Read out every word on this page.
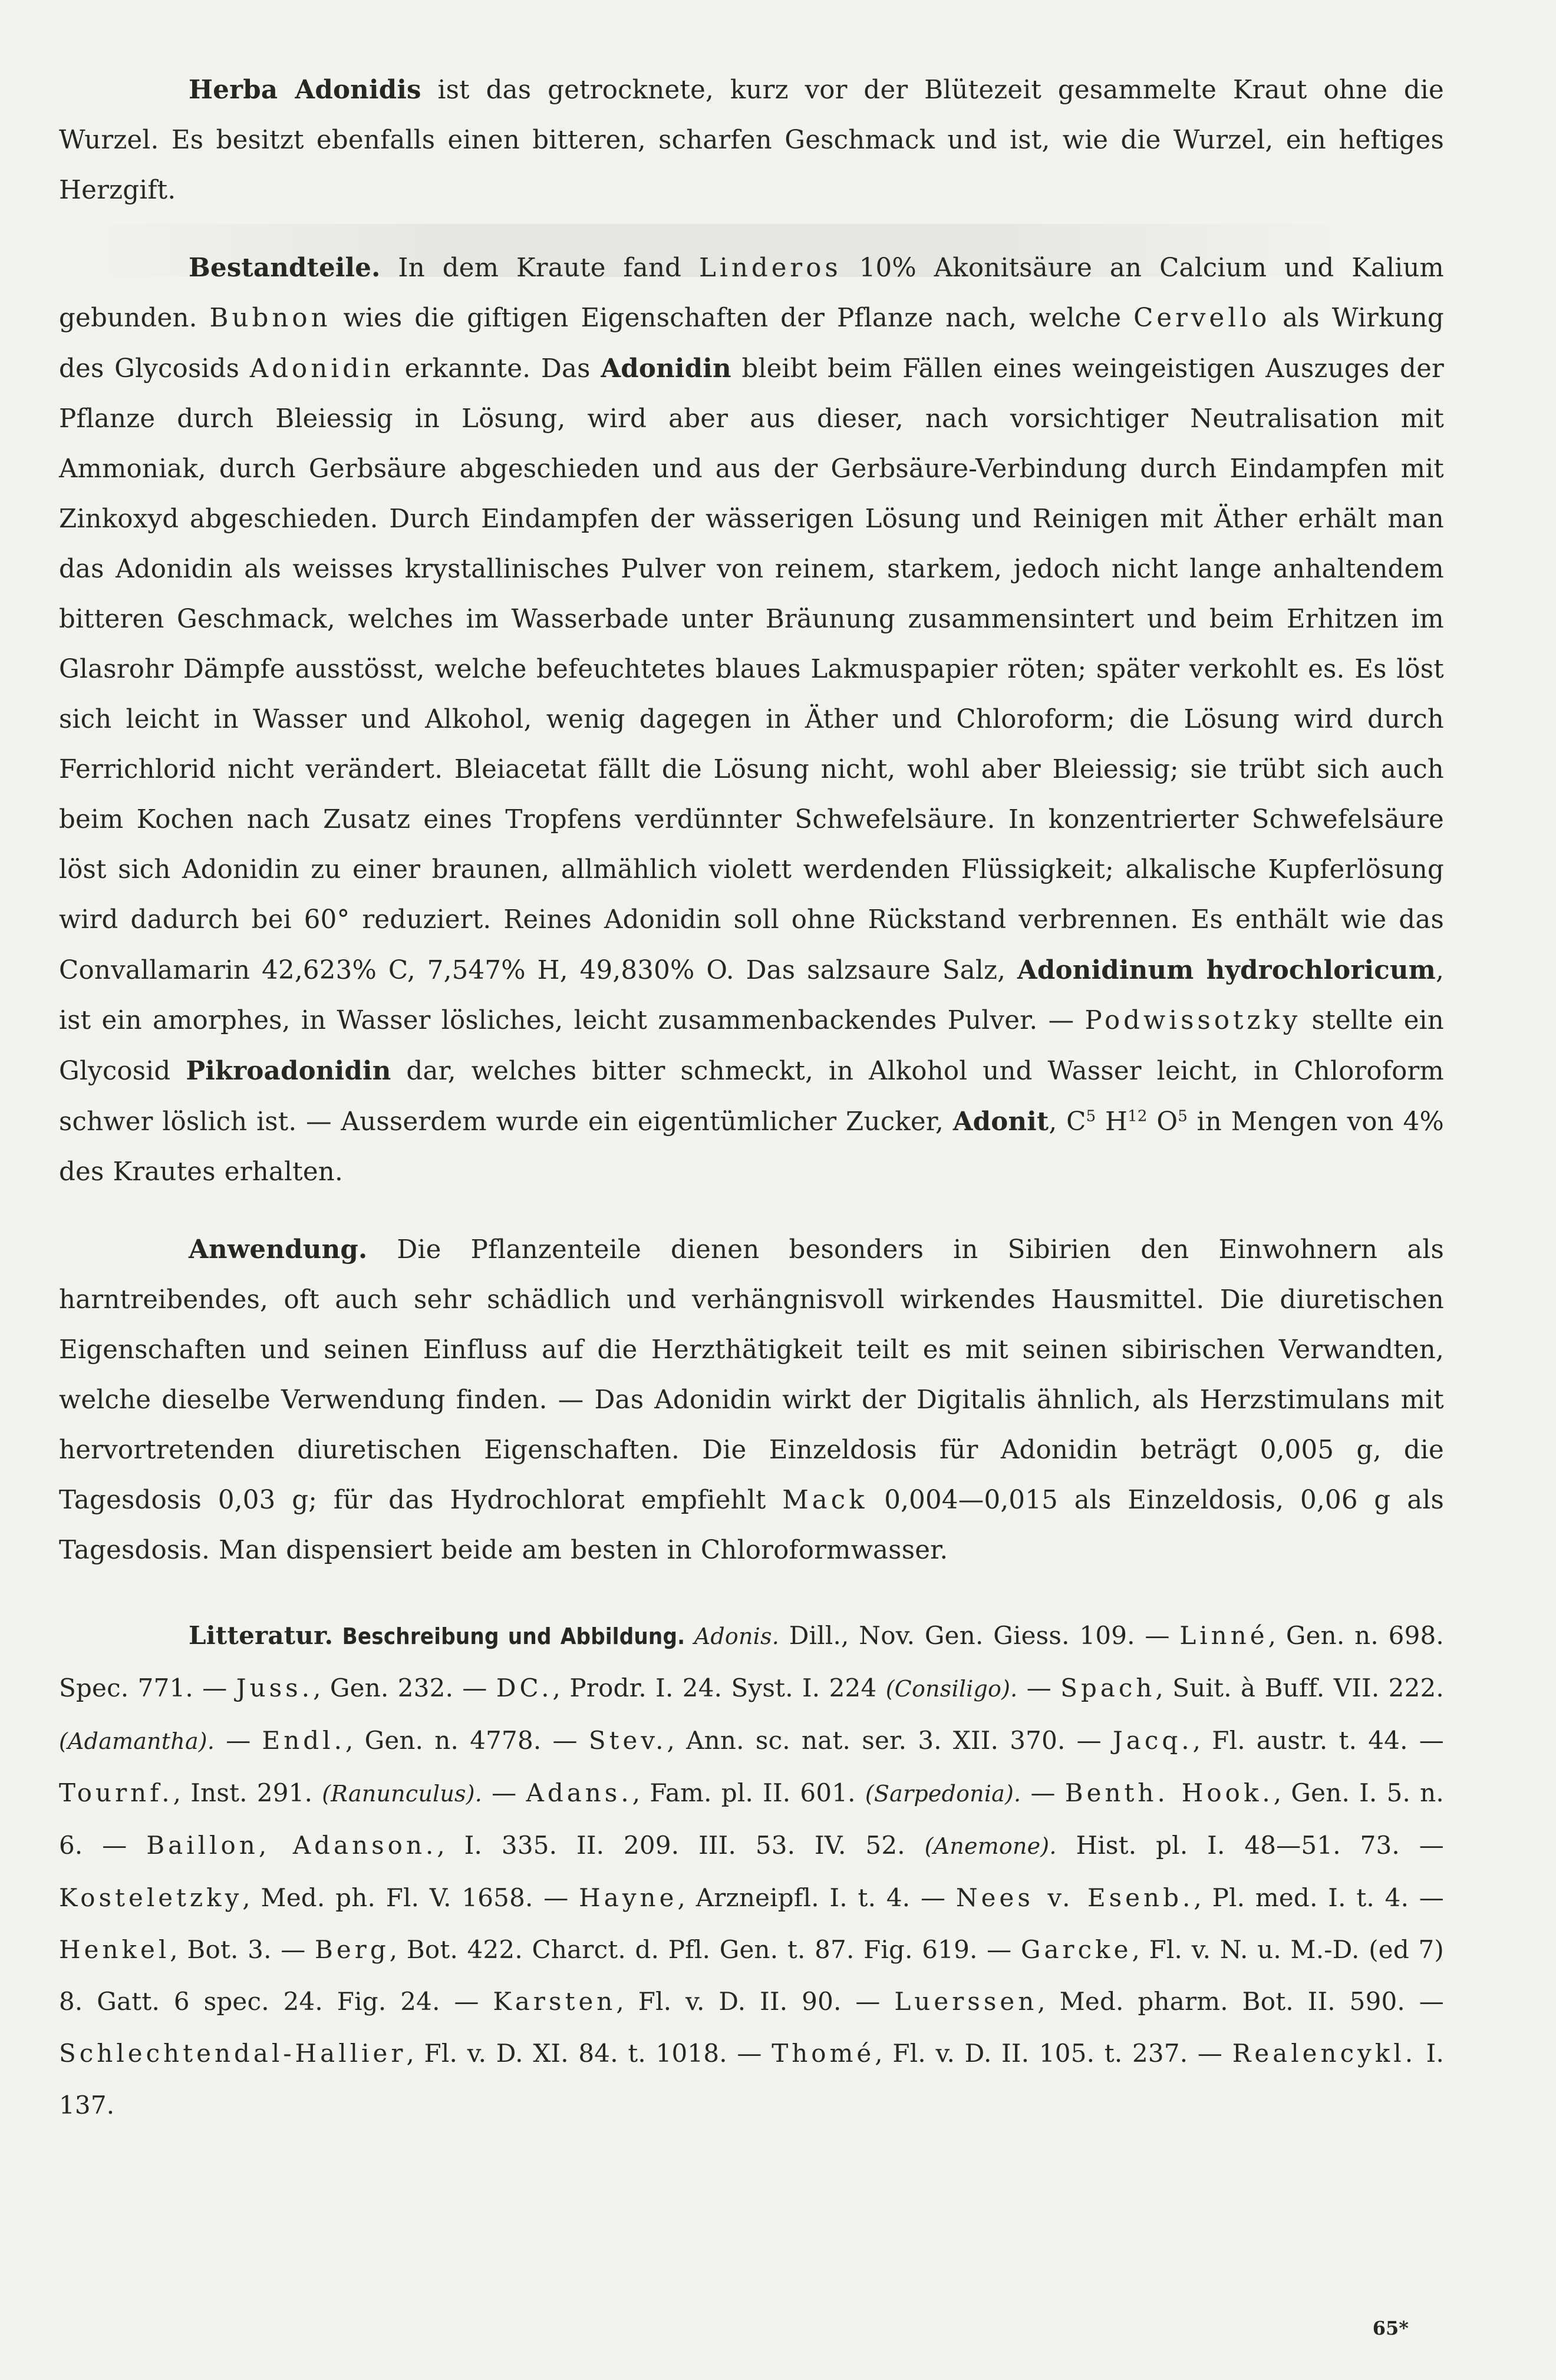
Herba Adonidis ist das getrocknete, kurz vor der Blütezeit gesammelte Kraut ohne die Wurzel. Es besitzt ebenfalls einen bitteren, scharfen Geschmack und ist, wie die Wurzel, ein heftiges Herzgift.

Bestandteile. In dem Kraute fand Linderos 10% Akonitsäure an Calcium und Kalium gebunden. Bubnon wies die giftigen Eigenschaften der Pflanze nach, welche Cervello als Wirkung des Glycosids Adonidin erkannte. Das Adonidin bleibt beim Fällen eines weingeistigen Auszuges der Pflanze durch Bleiessig in Lösung, wird aber aus dieser, nach vorsichtiger Neutralisation mit Ammoniak, durch Gerbsäure abgeschieden und aus der Gerbsäure-Verbindung durch Eindampfen mit Zinkoxyd abgeschieden. Durch Eindampfen der wässerigen Lösung und Reinigen mit Äther erhält man das Adonidin als weisses krystallinisches Pulver von reinem, starkem, jedoch nicht lange anhaltendem bitteren Geschmack, welches im Wasserbade unter Bräunung zusammensintert und beim Erhitzen im Glasrohr Dämpfe ausstösst, welche befeuchtetes blaues Lakmuspapier röten; später verkohlt es. Es löst sich leicht in Wasser und Alkohol, wenig dagegen in Äther und Chloroform; die Lösung wird durch Ferrichlorid nicht verändert. Bleiacetat fällt die Lösung nicht, wohl aber Bleiessig; sie trübt sich auch beim Kochen nach Zusatz eines Tropfens verdünnter Schwefelsäure. In konzentrierter Schwefelsäure löst sich Adonidin zu einer braunen, allmählich violett werdenden Flüssigkeit; alkalische Kupferlösung wird dadurch bei 60° reduziert. Reines Adonidin soll ohne Rückstand verbrennen. Es enthält wie das Convallamarin 42,623% C, 7,547% H, 49,830% O. Das salzsaure Salz, Adonidinum hydrochloricum, ist ein amorphes, in Wasser lösliches, leicht zusammenbackendes Pulver. — Podwissotzky stellte ein Glycosid Pikroadonidin dar, welches bitter schmeckt, in Alkohol und Wasser leicht, in Chloroform schwer löslich ist. — Ausserdem wurde ein eigentümlicher Zucker, Adonit, $C^5$ $H^{12}$ $O^5$ in Mengen von 4% des Krautes erhalten.

Anwendung. Die Pflanzenteile dienen besonders in Sibirien den Einwohnern als harntreibendes, oft auch sehr schädlich und verhängnisvoll wirkendes Hausmittel. Die diuretischen Eigenschaften und seinen Einfluss auf die Herzthätigkeit teilt es mit seinen sibirischen Verwandten, welche dieselbe Verwendung finden. — Das Adonidin wirkt der Digitalis ähnlich, als Herzstimulans mit hervortretenden diuretischen Eigenschaften. Die Einzeldosis für Adonidin beträgt 0,005 g, die Tagesdosis 0,03 g; für das Hydrochlorat empfiehlt Mack 0,004—0,015 als Einzeldosis, 0,06 g als Tagesdosis. Man dispensiert beide am besten in Chloroformwasser.

Litteratur. Beschreibung und Abbildung. Adonis. Dill., Nov. Gen. Giess. 109. — Linné, Gen. n. 698. Spec. 771. — Juss., Gen. 232. — DC., Prodr. I. 24. Syst. I. 224 (Consiligo). — Spach, Suit. à Buff. VII. 222. (Adamantha). — Endl., Gen. n. 4778. — Stev., Ann. sc. nat. ser. 3. XII. 370. — Jacq., Fl. austr. t. 44. — Tournf., Inst. 291. (Ranunculus). — Adans., Fam. pl. II. 601. (Sarpedonia). — Benth. Hook., Gen. I. 5. n. 6. — Baillon, Adanson., I. 335. II. 209. III. 53. IV. 52. (Anemone). Hist. pl. I. 48—51. 73. — Kosteletzky, Med. ph. Fl. V. 1658. — Hayne, Arzneipfl. I. t. 4. — Nees v. Esenb., Pl. med. I. t. 4. — Henkel, Bot. 3. — Berg, Bot. 422. Charct. d. Pfl. Gen. t. 87. Fig. 619. — Garcke, Fl. v. N. u. M.-D. (ed 7) 8. Gatt. 6 spec. 24. Fig. 24. — Karsten, Fl. v. D. II. 90. — Luerssen, Med. pharm. Bot. II. 590. — Schlechtendal-Hallier, Fl. v. D. XI. 84. t. 1018. — Thomé, Fl. v. D. II. 105. t. 237. — Realencykl. I. 137.

65*
